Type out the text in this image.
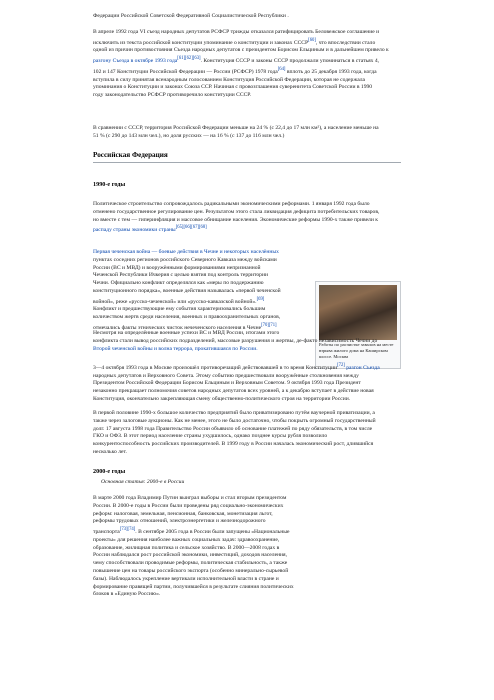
Федерации Российской Советской Федеративной Социалистической Республики .

В апреле 1992 года VI съезд народных депутатов РСФСР трижды отказался ратифицировать Беловежское соглашение и
исключить из текста российской конституции упоминание о конституции и законах СССР[60], что впоследствии стало
одной из причин противостояния Съезда народных депутатов с президентом Борисом Ельциным и в дальнейшем привело к
разгону Съезда в октябре 1993 года[61][62][63]. Конституция СССР и законы СССР продолжали упоминаться в статьях 4,
102 и 147 Конституции Российской Федерации — России (РСФСР) 1978 года[64] вплоть до 25 декабря 1993 года, когда
вступила в силу принятая всенародным голосованием Конституция Российской Федерации, которая не содержала
упоминания о Конституции и законах Союза ССР. Начиная с провозглашения суверенитета Советской России в 1990
году законодательство РСФСР противоречило конституции СССР.

В сравнении с СССР, территория Российской Федерации меньше на 24 % (с 22,4 до 17 млн км²), а население меньше на
51 % (с 290 до 143 млн чел.), но доля русских — на 16 % (с 137 до 116 млн чел.)

Российская Федерация
1990-е годы

Политическое строительство сопровождалось радикальными экономическими реформами. 1 января 1992 года было
отменено государственное регулирование цен. Результатом этого стала ликвидация дефицита потребительских товаров,
но вместе с тем — гиперинфляция и массовое обнищание населения. Экономические реформы 1990-х также привели к
распаду страны экономики страны[65][66][67][68]

Первая чеченская война — боевые действия в Чечне и некоторых населённых
пунктах соседних регионов российского Северного Кавказа между войсками
России (ВС и МВД) и вооружёнными формированиями непризнанной
Чеченской Республики Ичкерия с целью взятия под контроль территории
Чечни. Официально конфликт определялся как «меры по поддержанию
конституционного порядка», военные действия называлась «первой чеченской
войной», реже «русско-чеченской» или «русско-кавказской войной».[69]
Конфликт и предшествующие ему события характеризовались большим
количеством жертв среди населения, военных и правоохранительных органов,
отмечались факты этнических чисток нечеченского населения в Чечне[70][71]

Работы по расчистке завалов на месте взрыва жилого дома на Каширском шоссе. Москва

Несмотря на определённые военные успехи ВС и МВД России, итогами этого
конфликта стали вывод российских подразделений, массовые разрушения и жертвы, де-факто независимость Чечни до
Второй чеченской войны и волна террора, прокатившаяся по России.

3—4 октября 1993 года в Москве произошёл противоречащий действовавшей в то время Конституции[72] разгон Съезда
народных депутатов и Верховного Совета. Этому событию предшествовали вооружённые столкновения между
Президентом Российской Федерации Борисом Ельциным и Верховным Советом. 9 октября 1993 года Президент
незаконно прекращает полномочия советов народных депутатов всех уровней, а к декабрю вступает в действие новая
Конституция, окончательно закрепляющая смену общественно-политического строя на территории России.

В первой половине 1990-х большое количество предприятий было приватизировано путём ваучерной приватизации, а
также через залоговые аукционы. Как не менее, этого не было достаточно, чтобы покрыть огромный государственный
долг. 17 августа 1998 года Правительство России объявило об основание платежей по ряду обязательств, в том числе
ГКО и ОФЗ. В этот период население страны ухудшилось, однако позднее курсы рубля позволило
конкурентоспособность российских производителей. В 1999 году в России началась экономический рост, длившийся
несколько лет.

2000-е годы

Основная статья: 2000-е в России

В марте 2000 года Владимир Путин выиграл выборы и стал вторым президентом
России. В 2000-е годы в России были проведены ряд социально-экономических
реформ: налоговая, земельная, пенсионная, банковская, монетизация льгот,
реформы трудовых отношений, электроэнергетики и железнодорожного
транспорта[73][74]. В сентябре 2005 года в России были запущены «Национальные
проекты» для решения наиболее важных социальных задач: здравоохранение,
образование, жилищная политика и сельское хозяйство. В 2000—2008 годах в
России наблюдался рост российской экономики, инвестиций, доходов населения,
чему способствовали проводимые реформы, политическая стабильность, а также
повышение цен на товары российского экспорта (особенно минерально-сырьевой
базы). Наблюдалось укрепление вертикали исполнительной власти в стране и
формирование правящей партии, получившейся в результате слияния политических блоков в «Единую Россию».
